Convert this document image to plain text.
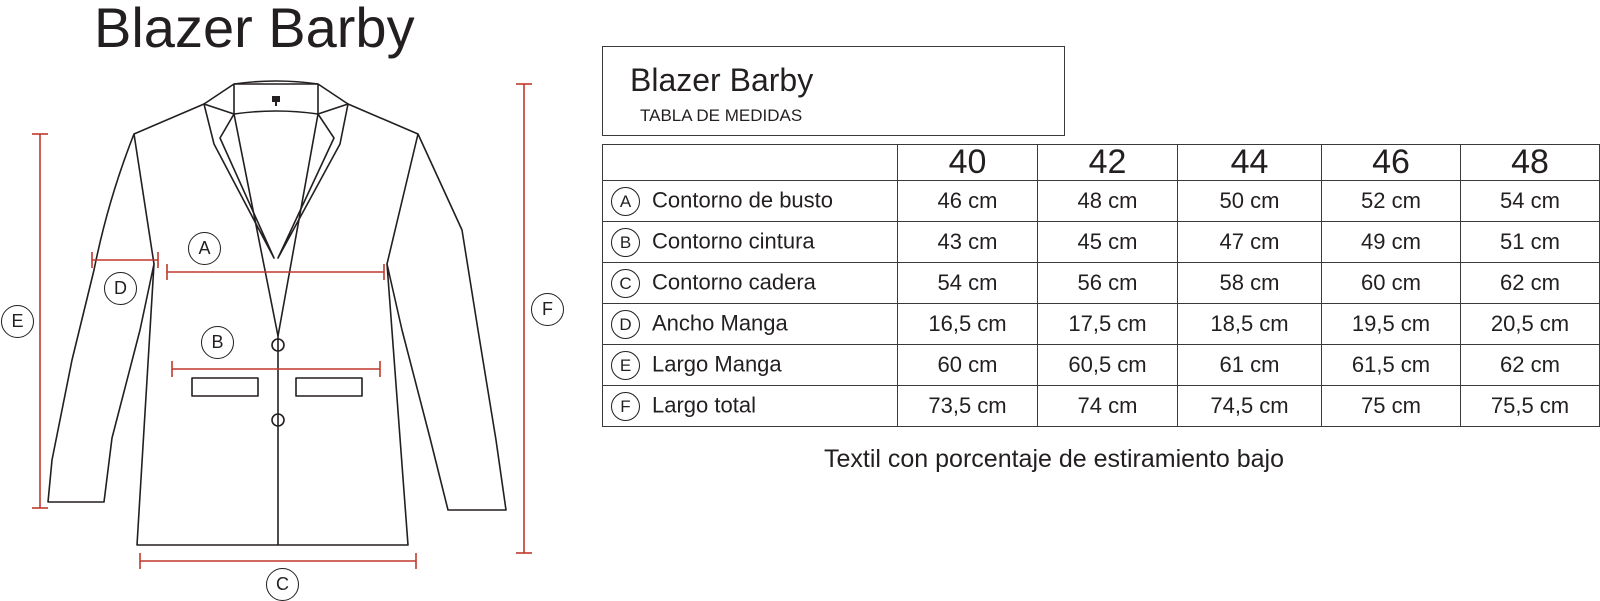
Blazer Barby
A
B
C
D
E
F
Blazer Barby
TABLA DE MEDIDAS
	40	42	44	46	48
A Contorno de busto	46 cm	48 cm	50 cm	52 cm	54 cm
B Contorno cintura	43 cm	45 cm	47 cm	49 cm	51 cm
C Contorno cadera	54 cm	56 cm	58 cm	60 cm	62 cm
D Ancho Manga	16,5 cm	17,5 cm	18,5 cm	19,5 cm	20,5 cm
E Largo Manga	60 cm	60,5 cm	61 cm	61,5 cm	62 cm
F Largo total	73,5 cm	74 cm	74,5 cm	75 cm	75,5 cm
Textil con porcentaje de estiramiento bajo
